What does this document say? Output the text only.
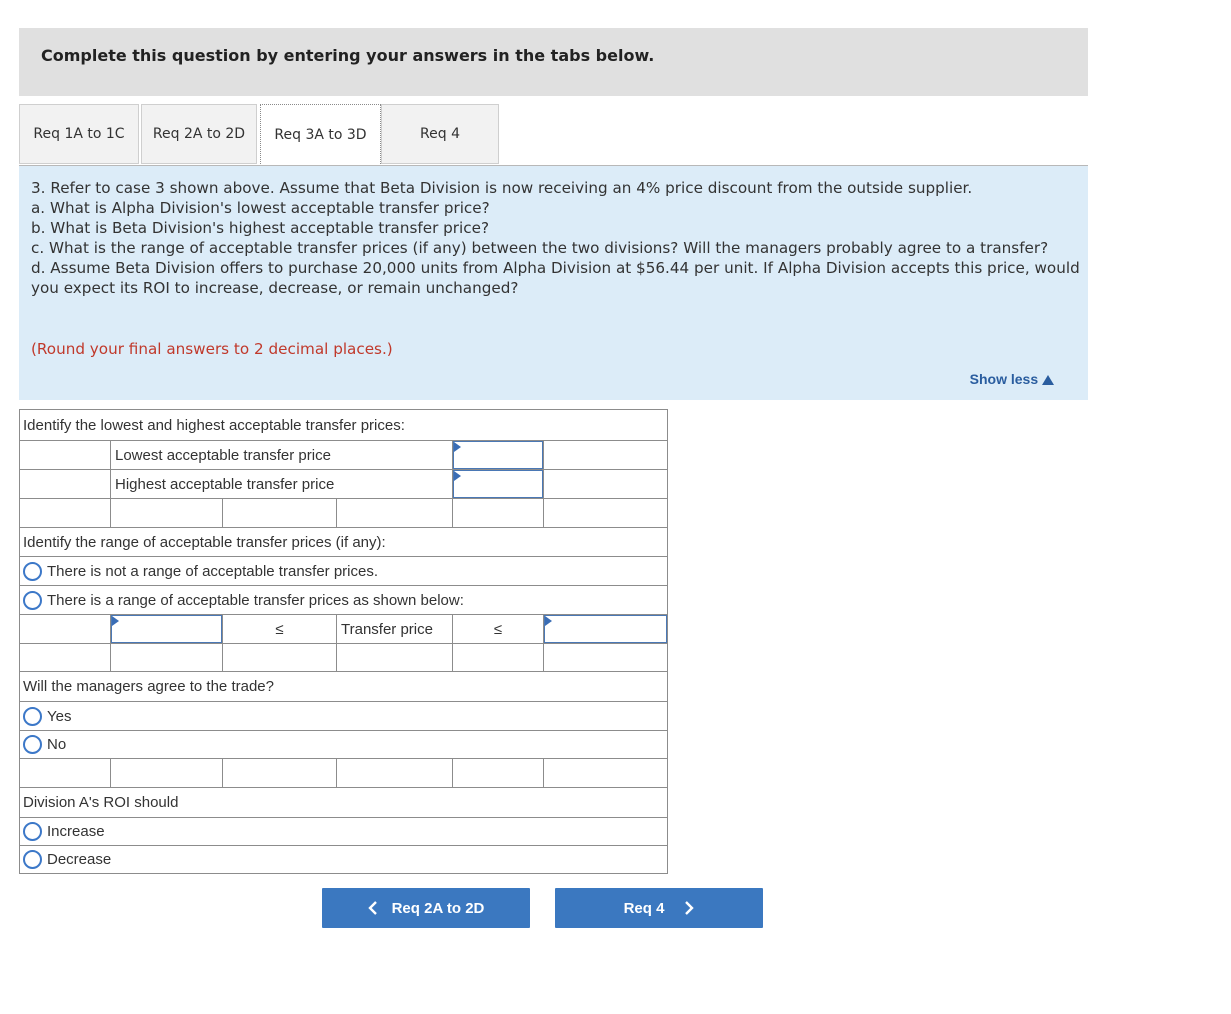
Complete this question by entering your answers in the tabs below.
Req 1A to 1C Req 2A to 2D Req 3A to 3D	Req 4
3. Refer to case 3 shown above. Assume that Beta Division is now receiving an 4% price discount from the outside supplier.
a. What is Alpha Division's lowest acceptable transfer price?
b. What is Beta Division's highest acceptable transfer price?
c. What is the range of acceptable transfer prices (if any) between the two divisions? Will the managers probably agree to a transfer?
d. Assume Beta Division offers to purchase 20,000 units from Alpha Division at $56.44 per unit. If Alpha Division accepts this price, would you expect its ROI to increase, decrease, or remain unchanged?
(Round your final answers to 2 decimal places.)
Show less
Identify the lowest and highest acceptable transfer prices:
Lowest acceptable transfer price
Highest acceptable transfer price
Identify the range of acceptable transfer prices (if any):
There is not a range of acceptable transfer prices.
There is a range of acceptable transfer prices as shown below:
≤	Transfer price	≤
Will the managers agree to the trade?
Yes
No
Division A's ROI should
Increase
Decrease
Req 2A to 2D	Req 4
